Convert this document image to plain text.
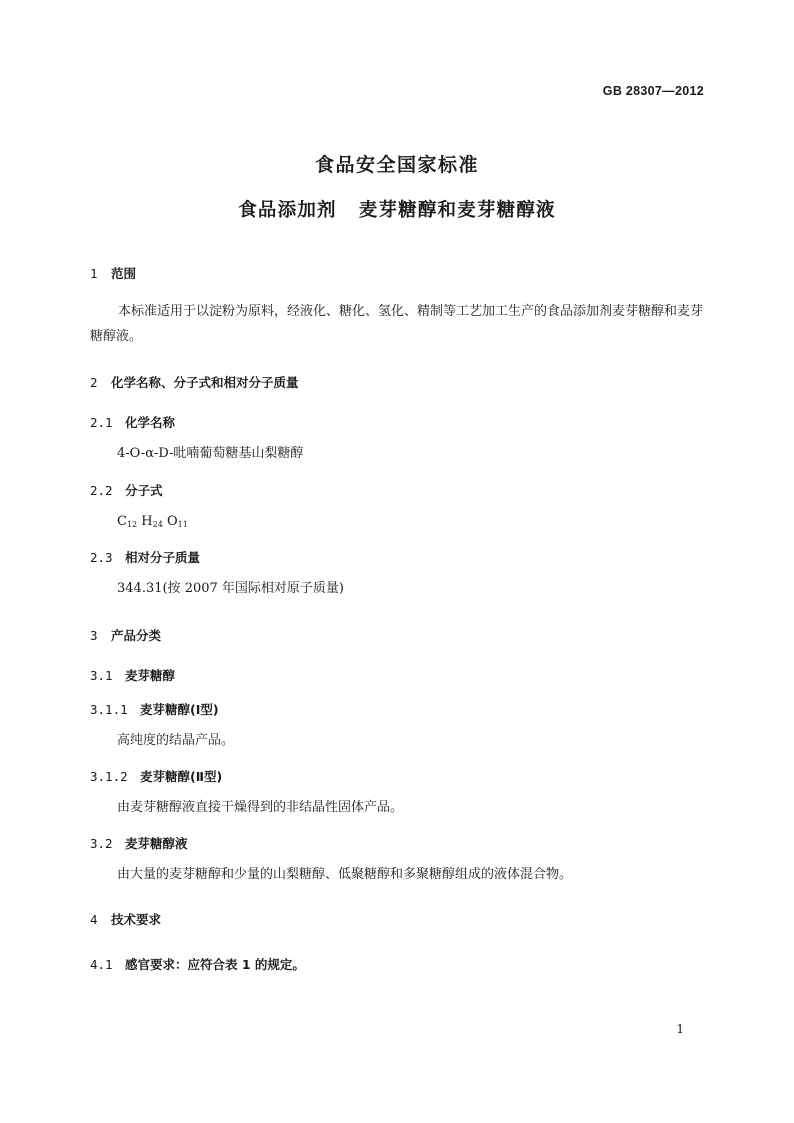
GB 28307—2012
食品安全国家标准
食品添加剂 麦芽糖醇和麦芽糖醇液
1 范围
本标准适用于以淀粉为原料，经液化、糖化、氢化、精制等工艺加工生产的食品添加剂麦芽糖醇和麦芽糖醇液。
2 化学名称、分子式和相对分子质量
2.1 化学名称
4-O-α-D-吡喃葡萄糖基山梨糖醇
2.2 分子式
$C_{12}$ $H_{24}$ $O_{11}$
2.3 相对分子质量
344.31(按 2007 年国际相对原子质量)
3 产品分类
3.1 麦芽糖醇
3.1.1 麦芽糖醇(Ⅰ型)
高纯度的结晶产品。
3.1.2 麦芽糖醇(Ⅱ型)
由麦芽糖醇液直接干燥得到的非结晶性固体产品。
3.2 麦芽糖醇液
由大量的麦芽糖醇和少量的山梨糖醇、低聚糖醇和多聚糖醇组成的液体混合物。
4 技术要求
4.1 感官要求：应符合表 1 的规定。
1
